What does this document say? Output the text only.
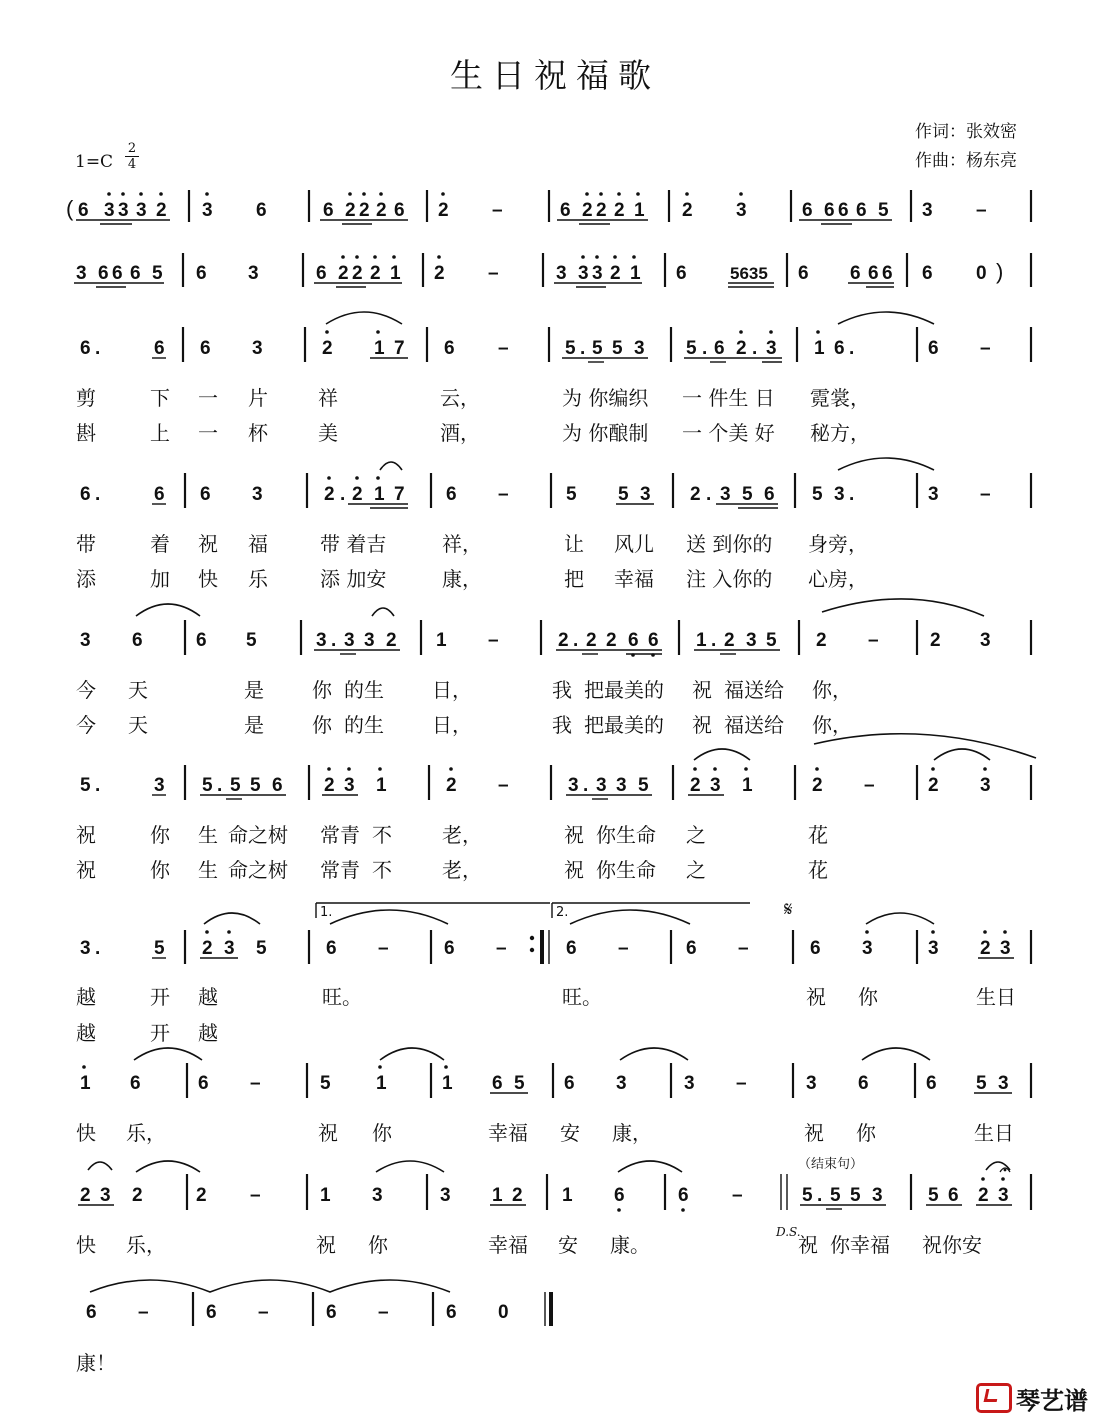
生日祝福歌
作词：张效密
作曲：杨东亮
1=C
2
4
( 6 3 3 3 2 3 6	6 2 2 2 6 2 –	6 2 2 2 1 2 3	6 6 6 6 5 3 –
3 6 6 6 5 6 3	6 2 2 2 1 2 –	3 3 3 2 1 6	5635 6 6 6 6 6 0 )
6 .	6 6 3	2 1 7 6 –	5 . 5 5 3 5 . 6 2 . 3 1 6 .	6 –
剪	下 一 片	祥	云，	为 你编织 一 件生 日 霓裳，
斟	上 一 杯	美	酒，	为 你酿制 一 个美 好 秘方，
6 .	6 6 3	2 . 2 1 7 6 –	5 5 3 2 . 3 5 6 5 3 .	3 –
带	着 祝 福	带 着吉	祥，	让 风儿 送 到你的 身旁，
添	加 快 乐	添 加安	康，	把 幸福 注 入你的 心房，
3 6	6 5	3 . 3 3 2 1 –	2 . 2 2 6 6 1 . 2 3 5 2 –	2 3
今 天	是 你 的生 日，	我 把最美的 祝 福送给 你，
今 天	是 你 的生 日，	我 把最美的 祝 福送给 你，
5 .	3 5 . 5 5 6 2 3 1	2 –	3 . 3 3 5 2 3 1	2 –	2 3
祝	你 生 命之树 常青 不	老，	祝 你生命 之	花
祝	你 生 命之树 常青 不	老，	祝 你生命 之	花
1.	2.	𝄋
3 .	5 2 3 5	6 –	6 –	6 –	6 –	6 3	3 2 3
越	开 越	旺。	旺。	祝 你	生日
越	开 越
1 6	6 –	5 1	1 6 5 6 3	3 –	3 6	6 5 3
快 乐，	祝 你	幸福 安 康，	祝 你	生日
（结束句）
2 3 2	2 –	1 3	3 1 2 1 6	6 –	5 . 5 5 3 5 6 2 3
快 乐，	祝 你	幸福 安 康。
D.S.
祝 你幸福 祝你安
6 –	6 –	6 –	6 0
康！
琴艺谱
